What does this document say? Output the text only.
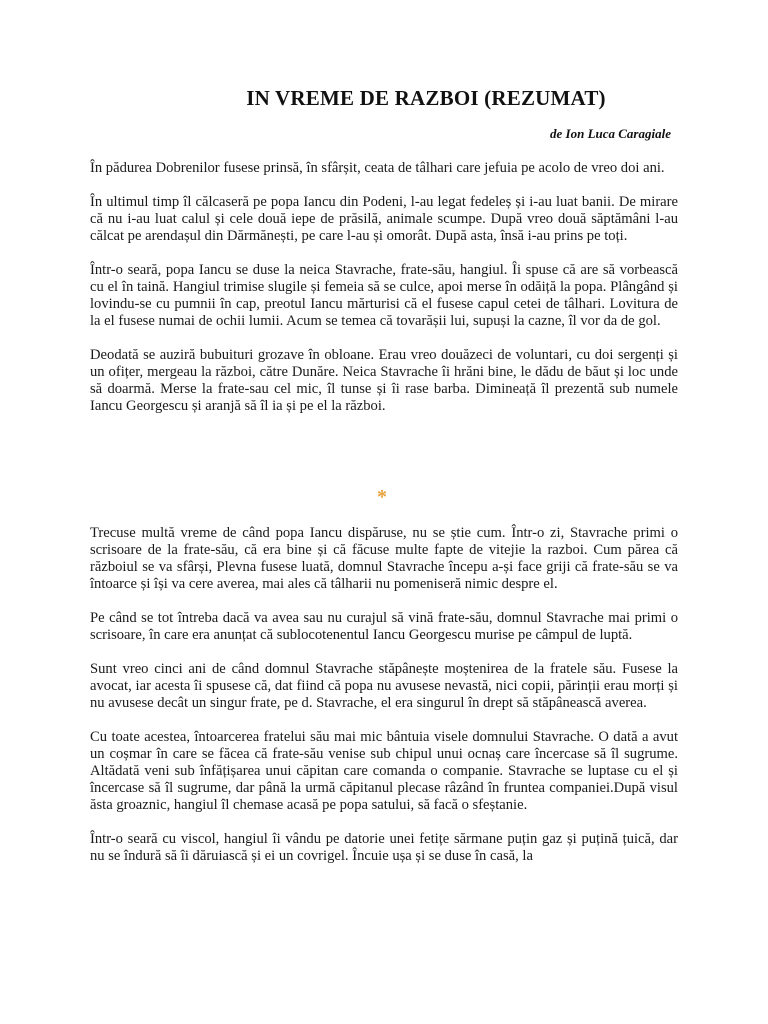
IN VREME DE RAZBOI (REZUMAT)
de Ion Luca Caragiale

În pădurea Dobrenilor fusese prinsă, în sfârșit, ceata de tâlhari care jefuia pe acolo de vreo doi ani.

În ultimul timp îl călcaseră pe popa Iancu din Podeni, l-au legat fedeleș și i-au luat banii. De mirare că nu i-au luat calul și cele două iepe de prăsilă, animale scumpe. După vreo două săptămâni l-au călcat pe arendașul din Dărmănești, pe care l-au și omorât. După asta, însă i-au prins pe toți.

Într-o seară, popa Iancu se duse la neica Stavrache, frate-său, hangiul. Îi spuse că are să vorbească cu el în taină. Hangiul trimise slugile și femeia să se culce, apoi merse în odăiță la popa. Plângând și lovindu-se cu pumnii în cap, preotul Iancu mărturisi că el fusese capul cetei de tâlhari. Lovitura de la el fusese numai de ochii lumii. Acum se temea că tovarășii lui, supuși la cazne, îl vor da de gol.

Deodată se auziră bubuituri grozave în obloane. Erau vreo douăzeci de voluntari, cu doi sergenți și un ofițer, mergeau la război, către Dunăre. Neica Stavrache îi hrăni bine, le dădu de băut și loc unde să doarmă. Merse la frate-sau cel mic, îl tunse și îi rase barba. Dimineață îl prezentă sub numele Iancu Georgescu și aranjă să îl ia și pe el la război.

*

Trecuse multă vreme de când popa Iancu dispăruse, nu se știe cum. Într-o zi, Stavrache primi o scrisoare de la frate-său, că era bine și că făcuse multe fapte de vitejie la razboi. Cum părea că războiul se va sfârși, Plevna fusese luată, domnul Stavrache începu a-și face griji că frate-său se va întoarce și își va cere averea, mai ales că tâlharii nu pomeniseră nimic despre el.

Pe când se tot întreba dacă va avea sau nu curajul să vină frate-său, domnul Stavrache mai primi o scrisoare, în care era anunțat că sublocotenentul Iancu Georgescu murise pe câmpul de luptă.

Sunt vreo cinci ani de când domnul Stavrache stăpânește moștenirea de la fratele său. Fusese la avocat, iar acesta îi spusese că, dat fiind că popa nu avusese nevastă, nici copii, părinții erau morți și nu avusese decât un singur frate, pe d. Stavrache, el era singurul în drept să stăpânească averea.

Cu toate acestea, întoarcerea fratelui său mai mic bântuia visele domnului Stavrache. O dată a avut un coșmar în care se făcea că frate-său venise sub chipul unui ocnaș care încercase să îl sugrume. Altădată veni sub înfățișarea unui căpitan care comanda o companie. Stavrache se luptase cu el și încercase să îl sugrume, dar până la urmă căpitanul plecase râzând în fruntea companiei.După visul ăsta groaznic, hangiul îl chemase acasă pe popa satului, să facă o sfeștanie.

Într-o seară cu viscol, hangiul îi vându pe datorie unei fetițe sărmane puțin gaz și puțină țuică, dar nu se îndură să îi dăruiască și ei un covrigel. Încuie ușa și se duse în casă, la
